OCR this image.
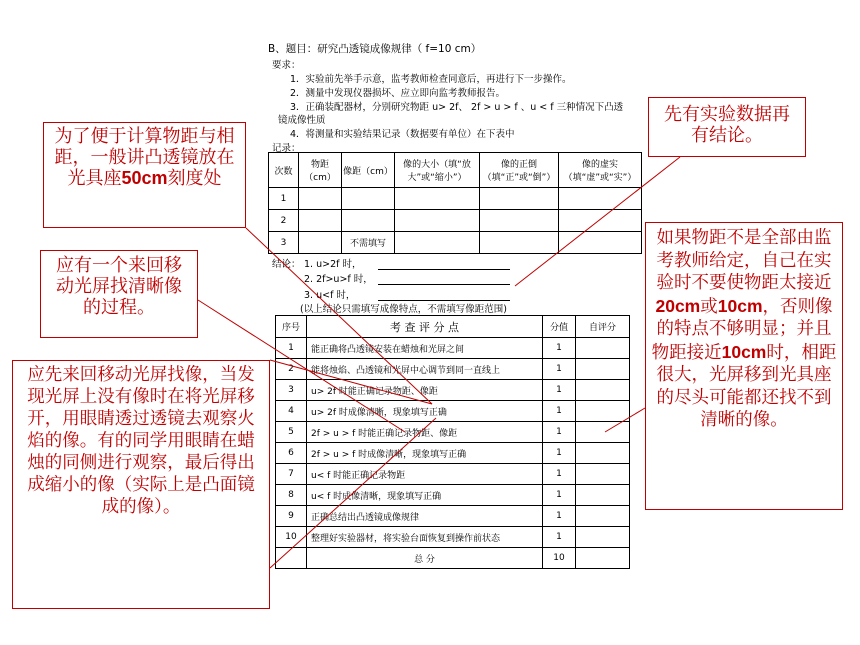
B、题目：研究凸透镜成像规律（ f=10 cm）
要求：
1．实验前先举手示意，监考教师检查同意后，再进行下一步操作。
2．测量中发现仪器损坏、应立即向监考教师报告。
3．正确装配器材，分别研究物距 u> 2f、 2f > u > f 、u < f 三种情况下凸透
镜成像性质
4．将测量和实验结果记录（数据要有单位）在下表中
记录：
次数	物距（cm）	像距（cm）	像的大小（填“放大”或“缩小”）	像的正倒（填“正”或“倒”）	像的虚实（填“虚”或“实”）
1					
2					
3		不需填写			
结论： 1. u>2f 时，
2. 2f>u>f 时，
3. u<f 时，
(以上结论只需填写成像特点，不需填写像距范围)
序号	考 查 评 分 点	分值	自评分
1	能正确将凸透镜安装在蜡烛和光屏之间	1	
2	能将烛焰、凸透镜和光屏中心调节到同一直线上	1	
3	u> 2f 时能正确记录物距、像距	1	
4	u> 2f 时成像清晰，现象填写正确	1	
5	2f > u > f 时能正确记录物距、像距	1	
6	2f > u > f 时成像清晰，现象填写正确	1	
7	u< f 时能正确记录物距	1	
8	u< f 时成像清晰，现象填写正确	1	
9	正确总结出凸透镜成像规律	1	
10	整理好实验器材，将实验台面恢复到操作前状态	1	
	总 分	10	
为了便于计算物距与相距，一般讲凸透镜放在光具座50cm刻度处
先有实验数据再有结论。
应有一个来回移动光屏找清晰像的过程。
应先来回移动光屏找像，当发现光屏上没有像时在将光屏移开，用眼睛透过透镜去观察火焰的像。有的同学用眼睛在蜡烛的同侧进行观察，最后得出成缩小的像（实际上是凸面镜成的像）。
如果物距不是全部由监考教师给定，自己在实验时不要使物距太接近20cm或10cm，否则像的特点不够明显；并且物距接近10cm时，相距很大，光屏移到光具座的尽头可能都还找不到清晰的像。
